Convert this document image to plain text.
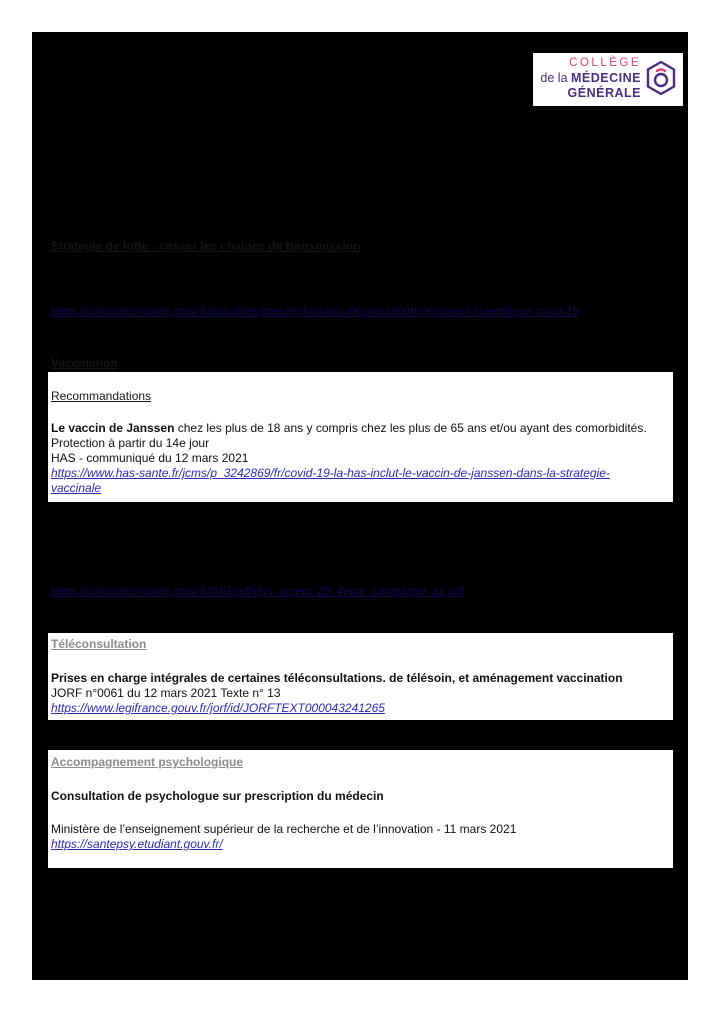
COLLÈGE
de la MÉDECINE
GÉNÉRALE
Stratégie de lutte : casser les chaines de transmission
https://solidarites-sante.gouv.fr/actualites/presse/dossiers-de-presse/article/conseil-scientifique-covid-19
Vaccination
Recommandations
Le vaccin de Janssen chez les plus de 18 ans y compris chez les plus de 65 ans et/ou ayant des comorbidités.
Protection à partir du 14e jour
HAS - communiqué du 12 mars 2021
https://www.has-sante.fr/jcms/p_3242869/fr/covid-19-la-has-inclut-le-vaccin-de-janssen-dans-la-strategie-
vaccinale
https://solidarites-sante.gouv.fr/IMG/pdf/dgs_urgent_29_4eme_campagne_az.pdf
Téléconsultation
Prises en charge intégrales de certaines téléconsultations. de télésoin, et aménagement vaccination
JORF n°0061 du 12 mars 2021 Texte n° 13
https://www.legifrance.gouv.fr/jorf/id/JORFTEXT000043241265
Accompagnement psychologique
Consultation de psychologue sur prescription du médecin
Ministère de l’enseignement supérieur de la recherche et de l’innovation - 11 mars 2021
https://santepsy.etudiant.gouv.fr/
